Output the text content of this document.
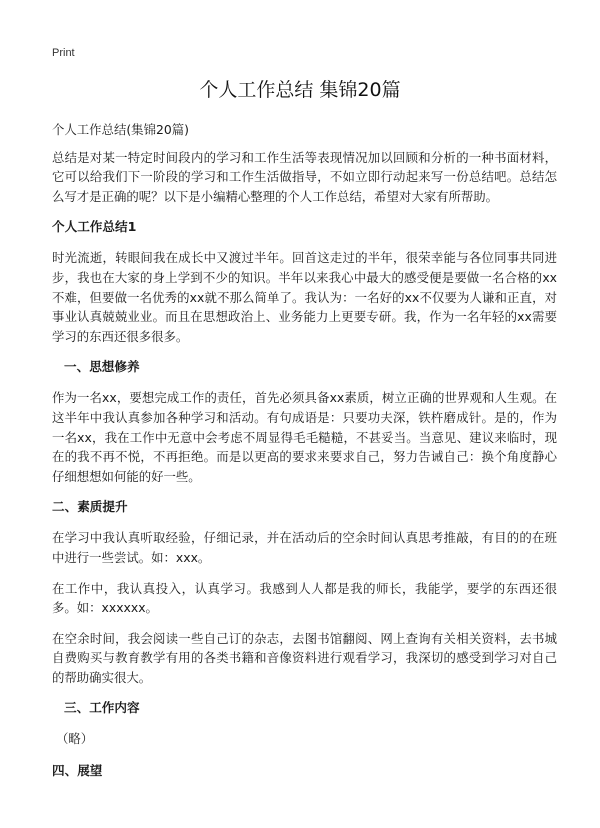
Print
个人工作总结 集锦20篇

个人工作总结(集锦20篇)

总结是对某一特定时间段内的学习和工作生活等表现情况加以回顾和分析的一种书面材料，它可以给我们下一阶段的学习和工作生活做指导，不如立即行动起来写一份总结吧。总结怎么写才是正确的呢？以下是小编精心整理的个人工作总结，希望对大家有所帮助。

个人工作总结1

时光流逝，转眼间我在成长中又渡过半年。回首这走过的半年，很荣幸能与各位同事共同进步，我也在大家的身上学到不少的知识。半年以来我心中最大的感受便是要做一名合格的xx不难，但要做一名优秀的xx就不那么简单了。我认为：一名好的xx不仅要为人谦和正直，对事业认真兢兢业业。而且在思想政治上、业务能力上更要专研。我，作为一名年轻的xx需要学习的东西还很多很多。

一、思想修养

作为一名xx，要想完成工作的责任，首先必须具备xx素质，树立正确的世界观和人生观。在这半年中我认真参加各种学习和活动。有句成语是：只要功夫深，铁杵磨成针。是的，作为一名xx，我在工作中无意中会考虑不周显得毛毛糙糙，不甚妥当。当意见、建议来临时，现在的我不再不悦，不再拒绝。而是以更高的要求来要求自己，努力告诫自己：换个角度静心仔细想想如何能的好一些。

二、素质提升

在学习中我认真听取经验，仔细记录，并在活动后的空余时间认真思考推敲，有目的的在班中进行一些尝试。如：xxx。

在工作中，我认真投入，认真学习。我感到人人都是我的师长，我能学，要学的东西还很多。如：xxxxxx。

在空余时间，我会阅读一些自己订的杂志，去图书馆翻阅、网上查询有关相关资料，去书城自费购买与教育教学有用的各类书籍和音像资料进行观看学习，我深切的感受到学习对自己的帮助确实很大。

三、工作内容

（略）

四、展望
